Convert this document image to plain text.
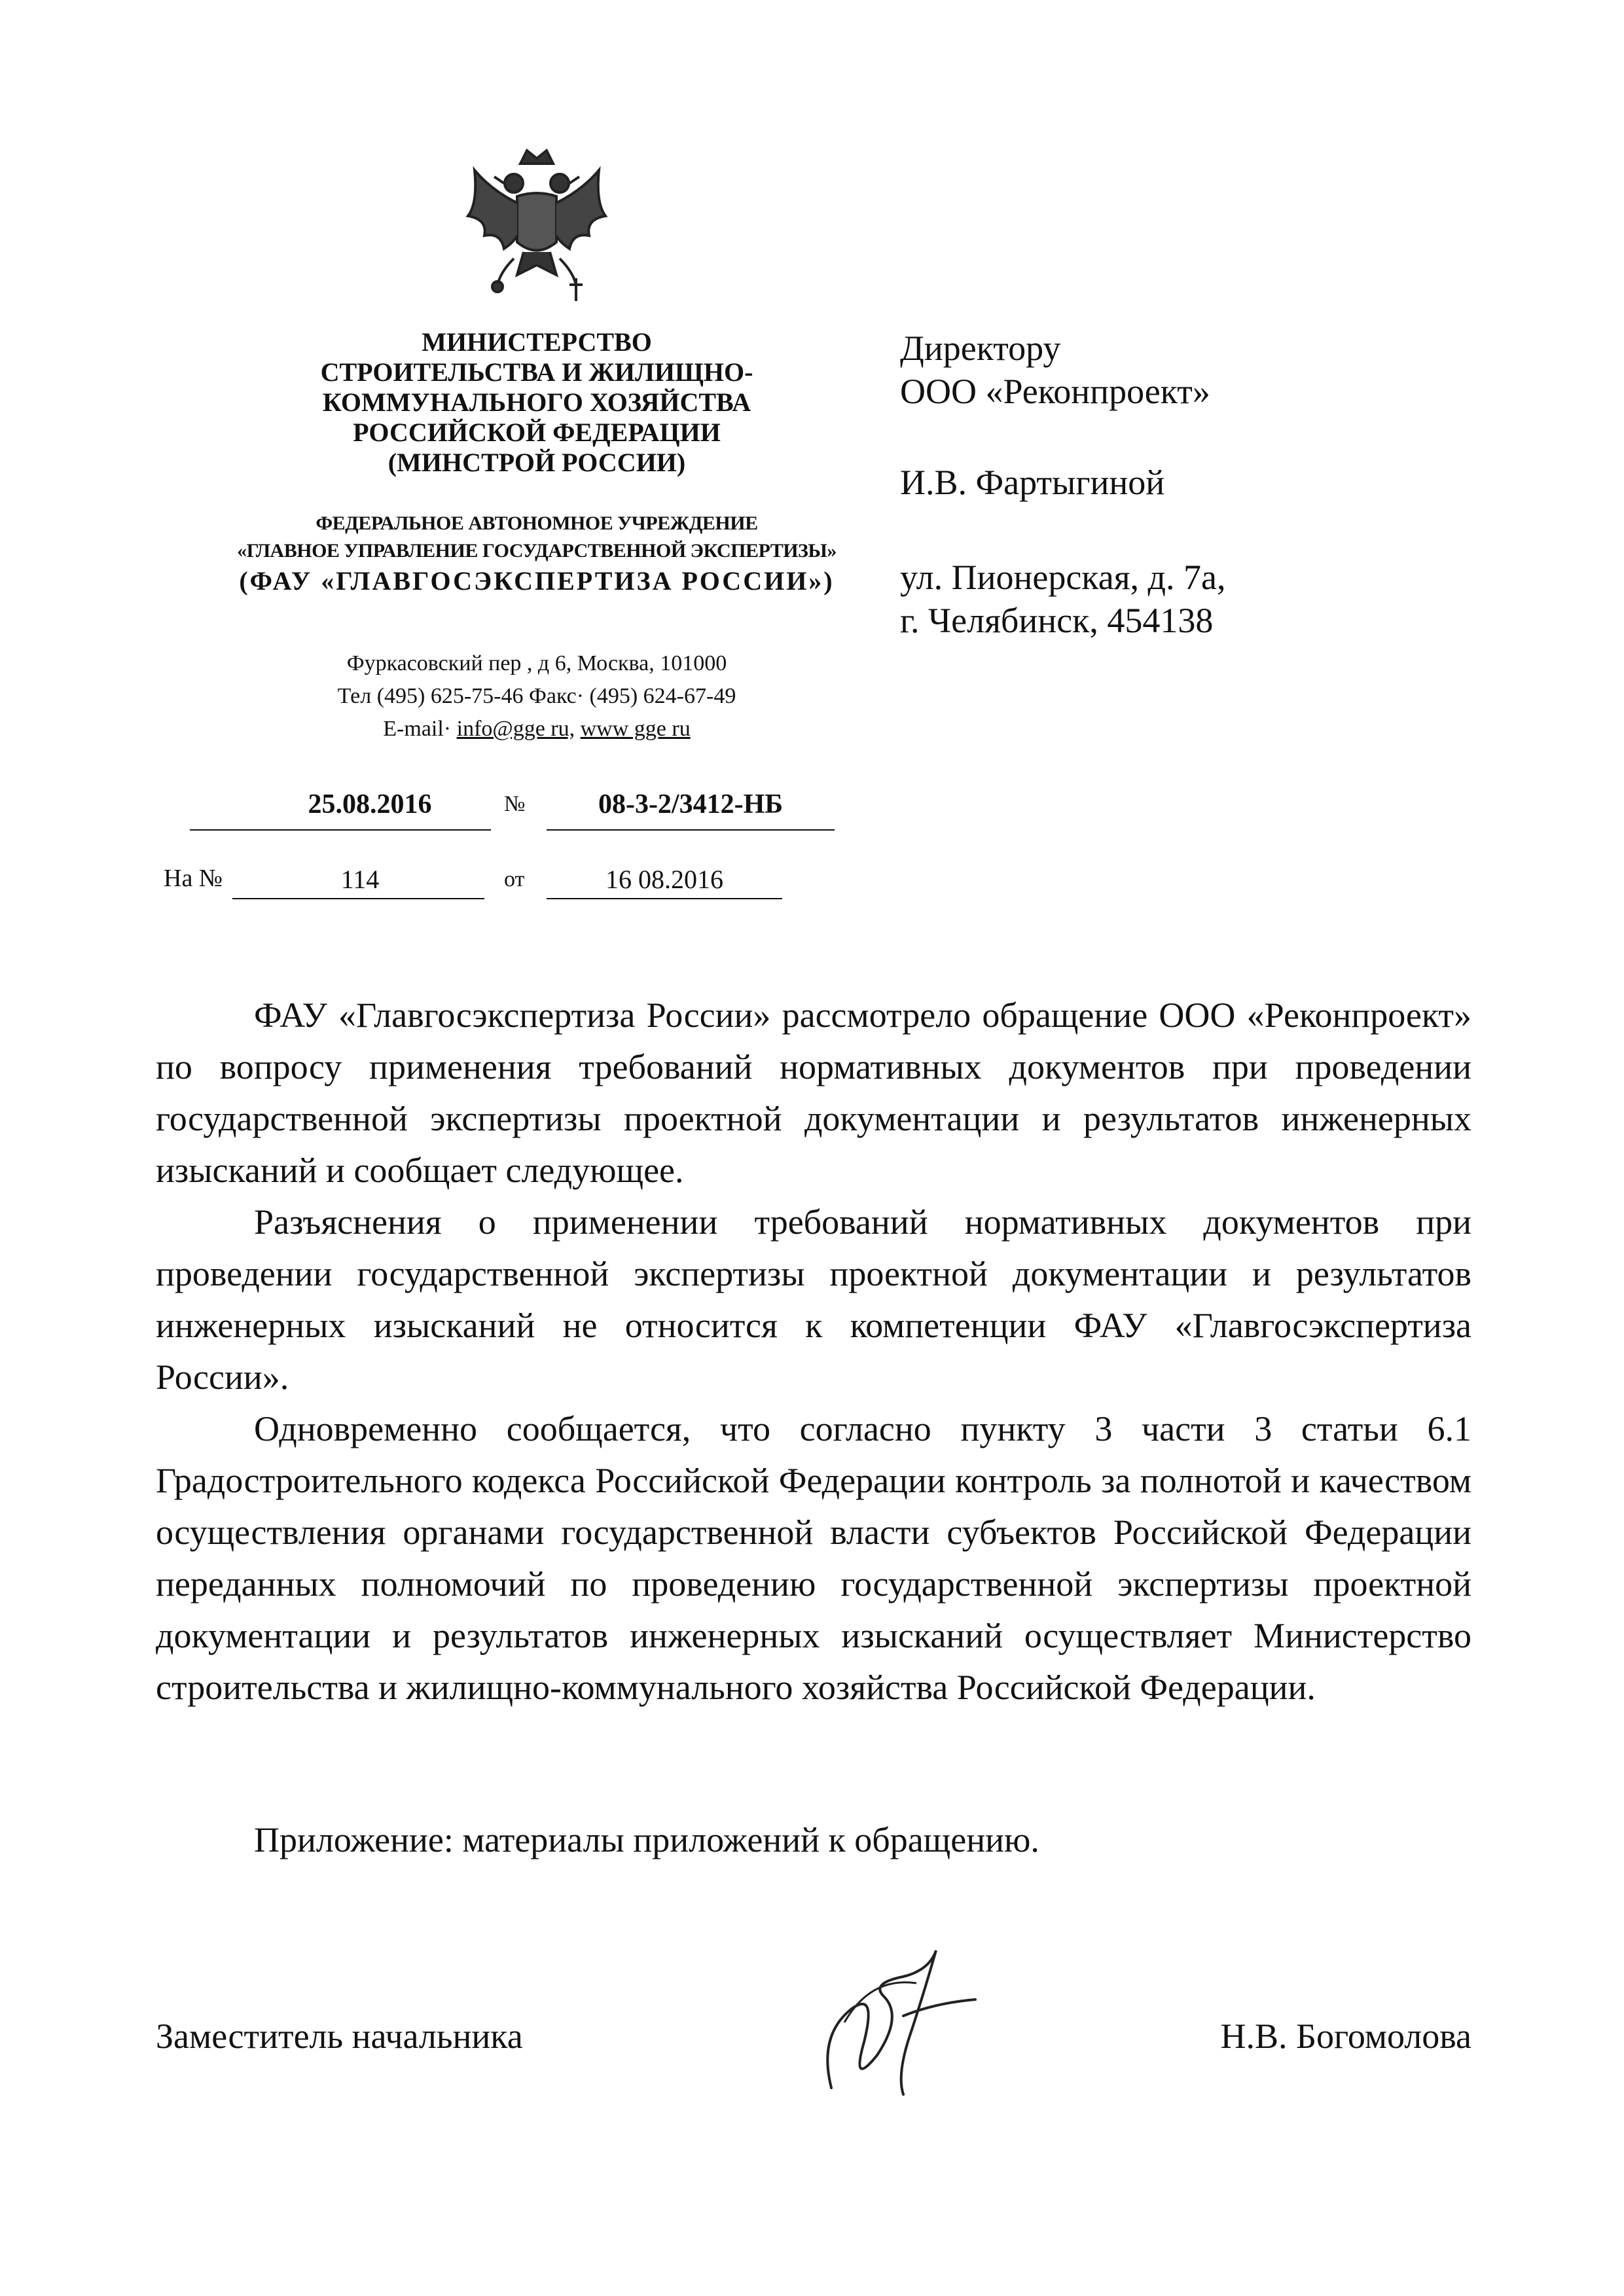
МИНИСТЕРСТВО
СТРОИТЕЛЬСТВА И ЖИЛИЩНО-
КОММУНАЛЬНОГО ХОЗЯЙСТВА
РОССИЙСКОЙ ФЕДЕРАЦИИ
(МИНСТРОЙ РОССИИ)
ФЕДЕРАЛЬНОЕ АВТОНОМНОЕ УЧРЕЖДЕНИЕ
«ГЛАВНОЕ УПРАВЛЕНИЕ ГОСУДАРСТВЕННОЙ ЭКСПЕРТИЗЫ»
(ФАУ «ГЛАВГОСЭКСПЕРТИЗА РОССИИ»)
Фуркасовский пер , д 6, Москва, 101000
Тел (495) 625-75-46 Факс· (495) 624-67-49
E-mail· info@gge ru, www gge ru
25.08.2016	№	08-3-2/3412-НБ
На №	114	от	16 08.2016
Директору
ООО «Реконпроект»
И.В. Фартыгиной
ул. Пионерская, д. 7а,
г. Челябинск, 454138

ФАУ «Главгосэкспертиза России» рассмотрело обращение ООО «Реконпроект» по вопросу применения требований нормативных документов при проведении государственной экспертизы проектной документации и результатов инженерных изысканий и сообщает следующее.

Разъяснения о применении требований нормативных документов при проведении государственной экспертизы проектной документации и результатов инженерных изысканий не относится к компетенции ФАУ «Главгосэкспертиза России».

Одновременно сообщается, что согласно пункту 3 части 3 статьи 6.1 Градостроительного кодекса Российской Федерации контроль за полнотой и качеством осуществления органами государственной власти субъектов Российской Федерации переданных полномочий по проведению государственной экспертизы проектной документации и результатов инженерных изысканий осуществляет Министерство строительства и жилищно-коммунального хозяйства Российской Федерации.

Приложение: материалы приложений к обращению.
Заместитель начальника	Н.В. Богомолова
